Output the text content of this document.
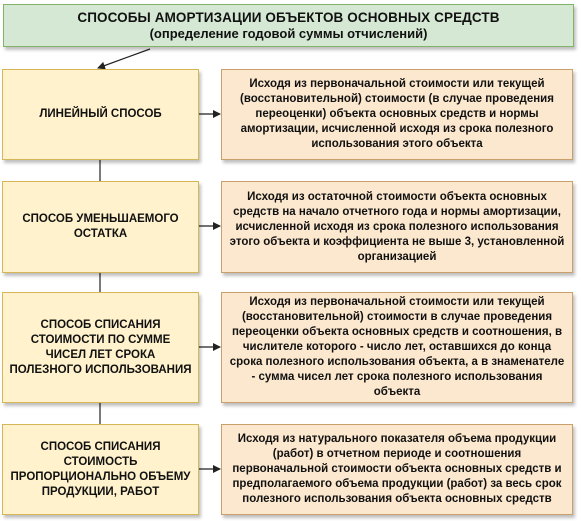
СПОСОБЫ АМОРТИЗАЦИИ ОБЪЕКТОВ ОСНОВНЫХ СРЕДСТВ
(определение годовой суммы отчислений)
ЛИНЕЙНЫЙ СПОСОБ
Исходя из первоначальной стоимости или текущей (восстановительной) стоимости (в случае проведения переоценки) объекта основных средств и нормы амортизации, исчисленной исходя из срока полезного использования этого объекта
СПОСОБ УМЕНЬШАЕМОГО ОСТАТКА
Исходя из остаточной стоимости объекта основных средств на начало отчетного года и нормы амортизации, исчисленной исходя из срока полезного использования этого объекта и коэффициента не выше 3, установленной организацией
СПОСОБ СПИСАНИЯ СТОИМОСТИ ПО СУММЕ ЧИСЕЛ ЛЕТ СРОКА ПОЛЕЗНОГО ИСПОЛЬЗОВАНИЯ
Исходя из первоначальной стоимости или текущей (восстановительной) стоимости в случае проведения переоценки объекта основных средств и соотношения, в числителе которого - число лет, оставшихся до конца срока полезного использования объекта, а в знаменателе - сумма чисел лет срока полезного использования объекта
СПОСОБ СПИСАНИЯ СТОИМОСТЬ ПРОПОРЦИОНАЛЬНО ОБЪЕМУ ПРОДУКЦИИ, РАБОТ
Исходя из натурального показателя объема продукции (работ) в отчетном периоде и соотношения первоначальной стоимости объекта основных средств и предполагаемого объема продукции (работ) за весь срок полезного использования объекта основных средств
